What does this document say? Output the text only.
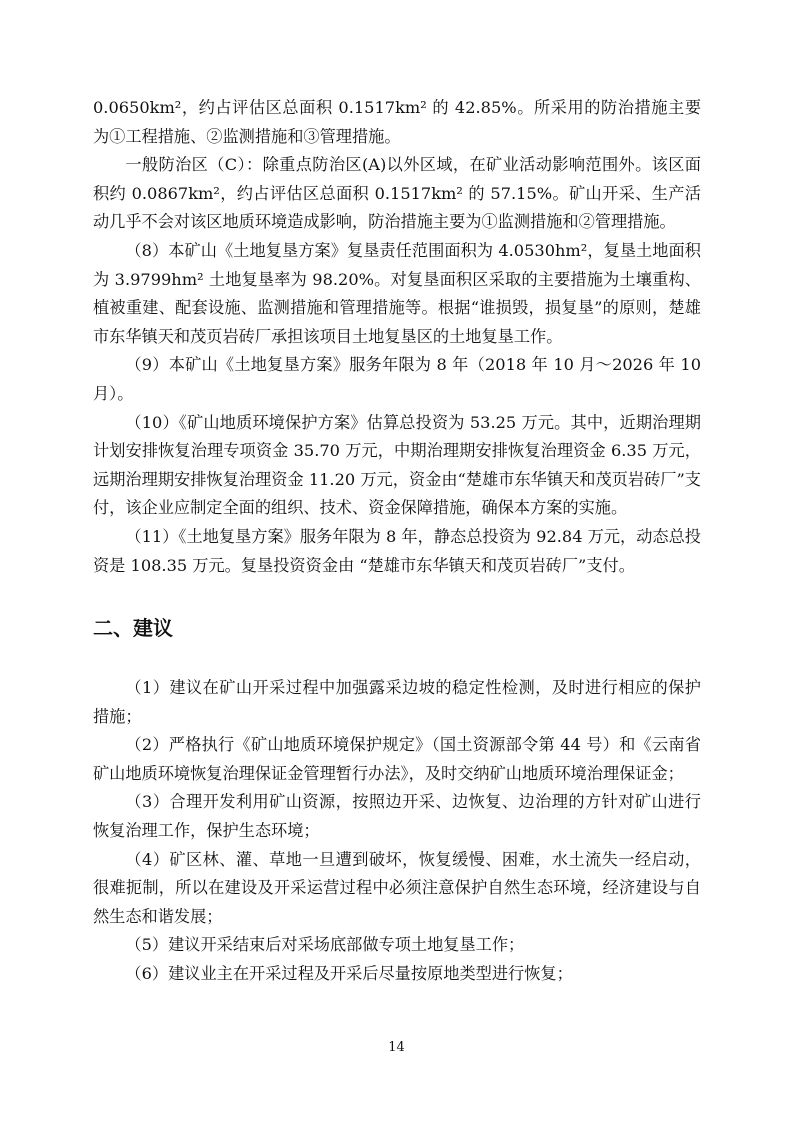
0.0650km²，约占评估区总面积 0.1517km² 的 42.85%。所采用的防治措施主要为①工程措施、②监测措施和③管理措施。

一般防治区（C）：除重点防治区(A)以外区域，在矿业活动影响范围外。该区面积约 0.0867km²，约占评估区总面积 0.1517km² 的 57.15%。矿山开采、生产活动几乎不会对该区地质环境造成影响，防治措施主要为①监测措施和②管理措施。

（8）本矿山《土地复垦方案》复垦责任范围面积为 4.0530hm²，复垦土地面积为 3.9799hm² 土地复垦率为 98.20%。对复垦面积区采取的主要措施为土壤重构、植被重建、配套设施、监测措施和管理措施等。根据“谁损毁，损复垦”的原则，楚雄市东华镇天和茂页岩砖厂承担该项目土地复垦区的土地复垦工作。

（9）本矿山《土地复垦方案》服务年限为 8 年（2018 年 10 月～2026 年 10 月）。

（10）《矿山地质环境保护方案》估算总投资为 53.25 万元。其中，近期治理期计划安排恢复治理专项资金 35.70 万元，中期治理期安排恢复治理资金 6.35 万元，远期治理期安排恢复治理资金 11.20 万元，资金由“楚雄市东华镇天和茂页岩砖厂”支付，该企业应制定全面的组织、技术、资金保障措施，确保本方案的实施。

（11）《土地复垦方案》服务年限为 8 年，静态总投资为 92.84 万元，动态总投资是 108.35 万元。复垦投资资金由 “楚雄市东华镇天和茂页岩砖厂”支付。

二、建议

（1）建议在矿山开采过程中加强露采边坡的稳定性检测，及时进行相应的保护措施；

（2）严格执行《矿山地质环境保护规定》（国土资源部令第 44 号）和《云南省矿山地质环境恢复治理保证金管理暂行办法》，及时交纳矿山地质环境治理保证金；

（3）合理开发利用矿山资源，按照边开采、边恢复、边治理的方针对矿山进行恢复治理工作，保护生态环境；

（4）矿区林、灌、草地一旦遭到破坏，恢复缓慢、困难，水土流失一经启动，很难扼制，所以在建设及开采运营过程中必须注意保护自然生态环境，经济建设与自然生态和谐发展；

（5）建议开采结束后对采场底部做专项土地复垦工作；

（6）建议业主在开采过程及开采后尽量按原地类型进行恢复；

14
